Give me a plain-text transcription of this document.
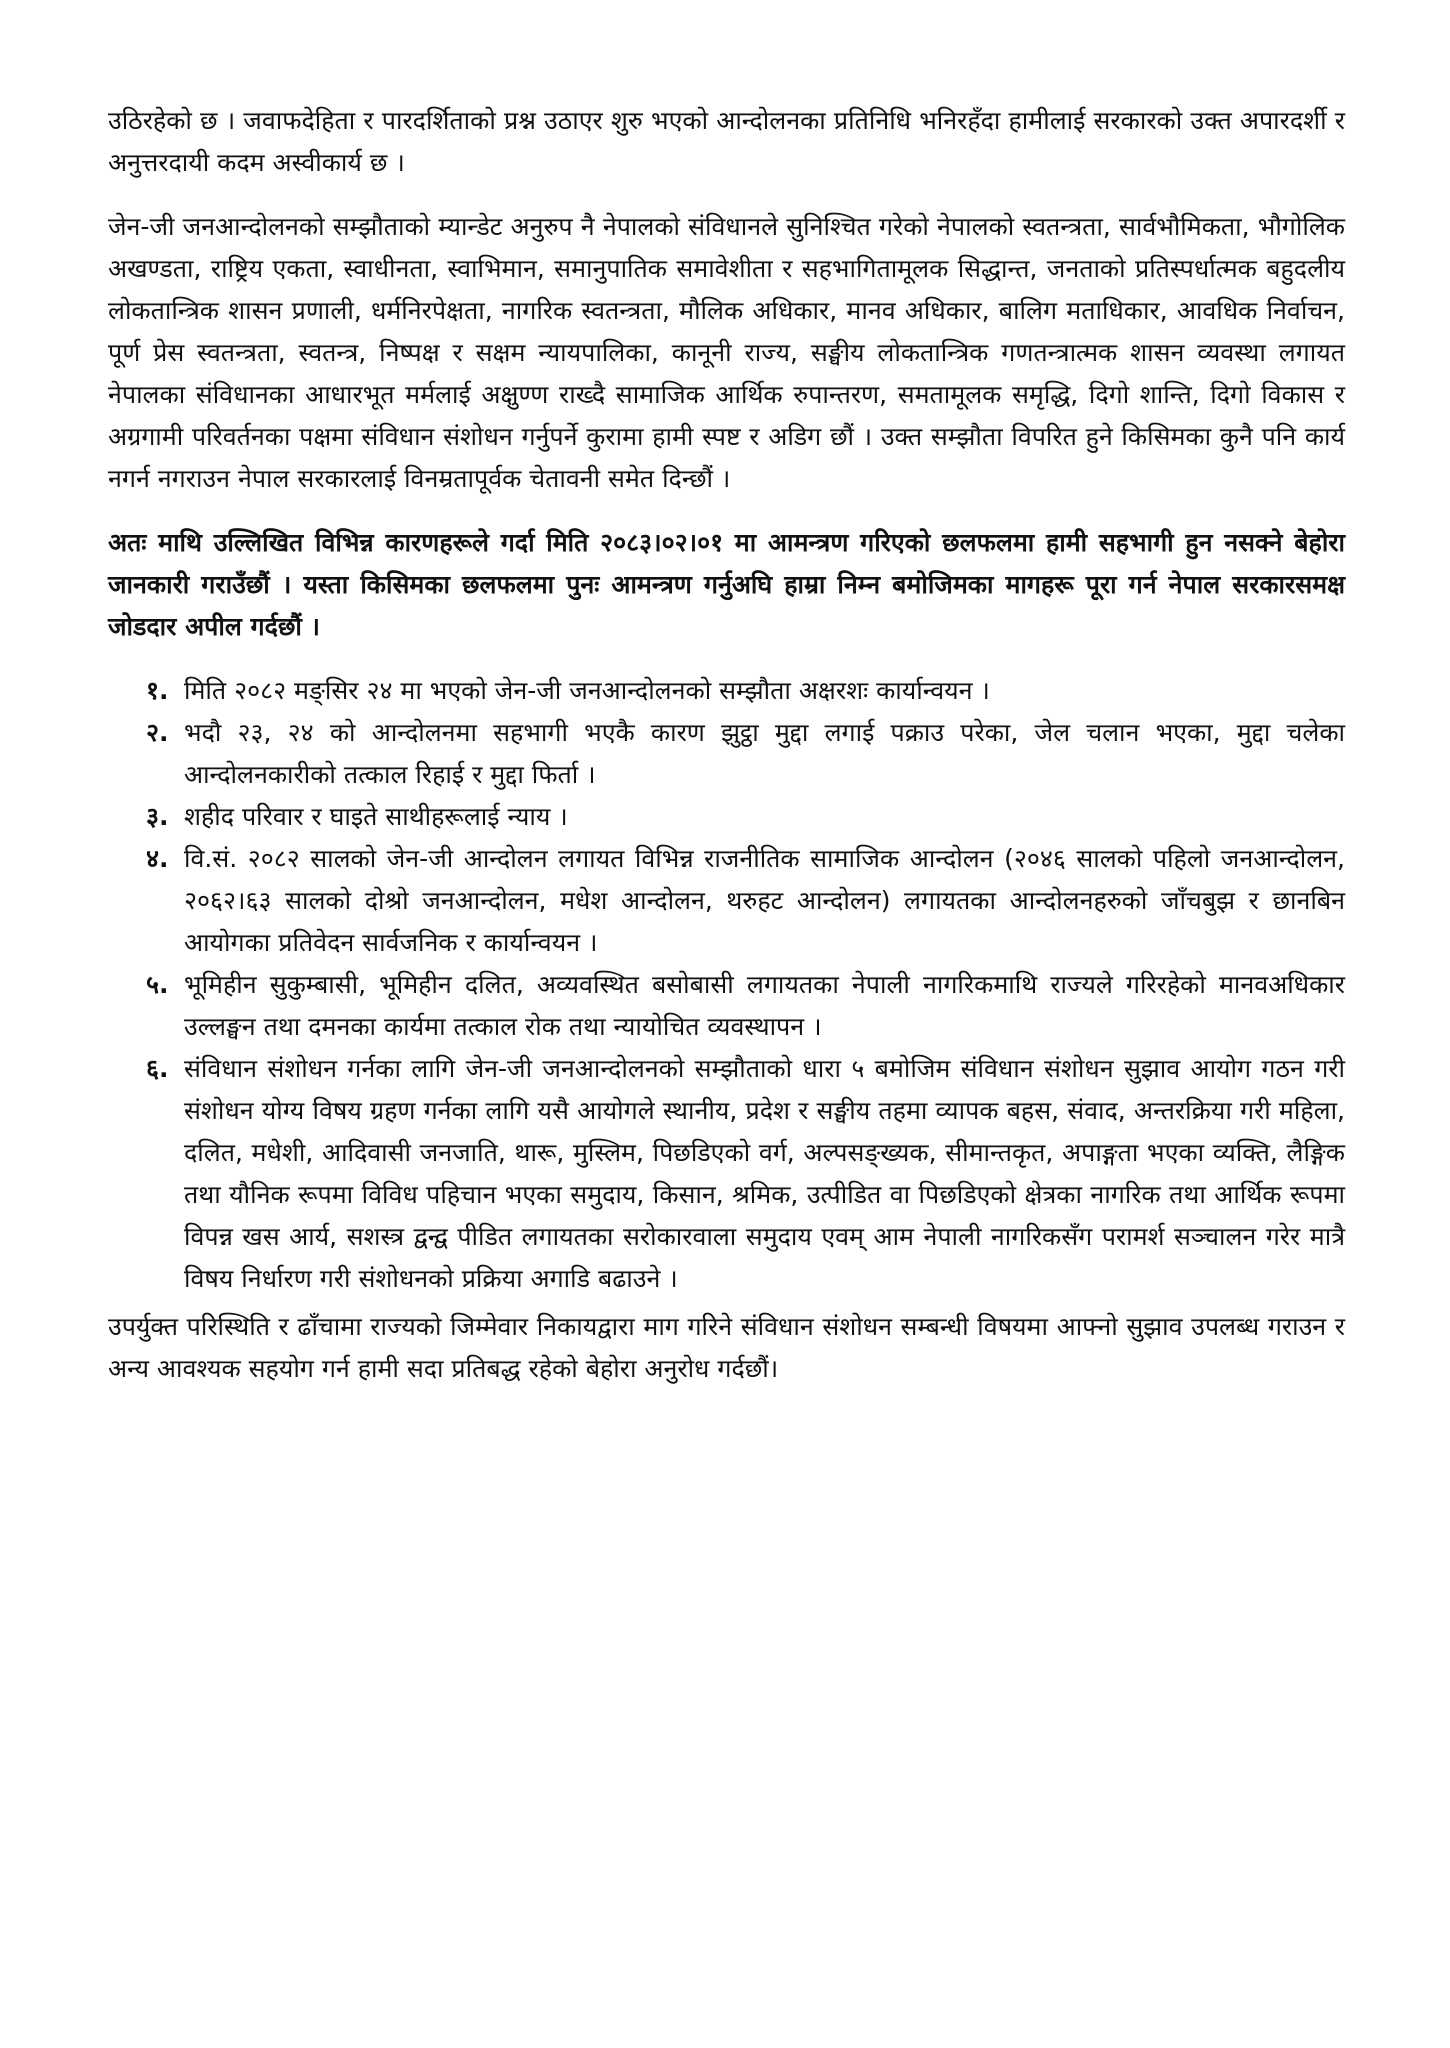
उठिरहेको छ । जवाफदेहिता र पारदर्शिताको प्रश्न उठाएर शुरु भएको आन्दोलनका प्रतिनिधि भनिरहँदा हामीलाई सरकारको उक्त अपारदर्शी र अनुत्तरदायी कदम अस्वीकार्य छ ।

जेन-जी जनआन्दोलनको सम्झौताको म्यान्डेट अनुरुप नै नेपालको संविधानले सुनिश्चित गरेको नेपालको स्वतन्त्रता, सार्वभौमिकता, भौगोलिक अखण्डता, राष्ट्रिय एकता, स्वाधीनता, स्वाभिमान, समानुपातिक समावेशीता र सहभागितामूलक सिद्धान्त, जनताको प्रतिस्पर्धात्मक बहुदलीय लोकतान्त्रिक शासन प्रणाली, धर्मनिरपेक्षता, नागरिक स्वतन्त्रता, मौलिक अधिकार, मानव अधिकार, बालिग मताधिकार, आवधिक निर्वाचन, पूर्ण प्रेस स्वतन्त्रता, स्वतन्त्र, निष्पक्ष र सक्षम न्यायपालिका, कानूनी राज्य, सङ्घीय लोकतान्त्रिक गणतन्त्रात्मक शासन व्यवस्था लगायत नेपालका संविधानका आधारभूत मर्मलाई अक्षुण्ण राख्दै सामाजिक आर्थिक रुपान्तरण, समतामूलक समृद्धि, दिगो शान्ति, दिगो विकास र अग्रगामी परिवर्तनका पक्षमा संविधान संशोधन गर्नुपर्ने कुरामा हामी स्पष्ट र अडिग छौं । उक्त सम्झौता विपरित हुने किसिमका कुनै पनि कार्य नगर्न नगराउन नेपाल सरकारलाई विनम्रतापूर्वक चेतावनी समेत दिन्छौं ।

अतः माथि उल्लिखित विभिन्न कारणहरूले गर्दा मिति २०८३।०२।०१ मा आमन्त्रण गरिएको छलफलमा हामी सहभागी हुन नसक्ने बेहोरा जानकारी गराउँछौं । यस्ता किसिमका छलफलमा पुनः आमन्त्रण गर्नुअघि हाम्रा निम्न बमोजिमका मागहरू पूरा गर्न नेपाल सरकारसमक्ष जोडदार अपील गर्दछौं ।

१. मिति २०८२ मङ्सिर २४ मा भएको जेन-जी जनआन्दोलनको सम्झौता अक्षरशः कार्यान्वयन ।
२. भदौ २३, २४ को आन्दोलनमा सहभागी भएकै कारण झुट्ठा मुद्दा लगाई पक्राउ परेका, जेल चलान भएका, मुद्दा चलेका आन्दोलनकारीको तत्काल रिहाई र मुद्दा फिर्ता ।
३. शहीद परिवार र घाइते साथीहरूलाई न्याय ।
४. वि.सं. २०८२ सालको जेन-जी आन्दोलन लगायत विभिन्न राजनीतिक सामाजिक आन्दोलन (२०४६ सालको पहिलो जनआन्दोलन, २०६२।६३ सालको दोश्रो जनआन्दोलन, मधेश आन्दोलन, थरुहट आन्दोलन) लगायतका आन्दोलनहरुको जाँचबुझ र छानबिन आयोगका प्रतिवेदन सार्वजनिक र कार्यान्वयन ।
५. भूमिहीन सुकुम्बासी, भूमिहीन दलित, अव्यवस्थित बसोबासी लगायतका नेपाली नागरिकमाथि राज्यले गरिरहेको मानवअधिकार उल्लङ्घन तथा दमनका कार्यमा तत्काल रोक तथा न्यायोचित व्यवस्थापन ।
६. संविधान संशोधन गर्नका लागि जेन-जी जनआन्दोलनको सम्झौताको धारा ५ बमोजिम संविधान संशोधन सुझाव आयोग गठन गरी संशोधन योग्य विषय ग्रहण गर्नका लागि यसै आयोगले स्थानीय, प्रदेश र सङ्घीय तहमा व्यापक बहस, संवाद, अन्तरक्रिया गरी महिला, दलित, मधेशी, आदिवासी जनजाति, थारू, मुस्लिम, पिछडिएको वर्ग, अल्पसङ्ख्यक, सीमान्तकृत, अपाङ्गता भएका व्यक्ति, लैङ्गिक तथा यौनिक रूपमा विविध पहिचान भएका समुदाय, किसान, श्रमिक, उत्पीडित वा पिछडिएको क्षेत्रका नागरिक तथा आर्थिक रूपमा विपन्न खस आर्य, सशस्त्र द्वन्द्व पीडित लगायतका सरोकारवाला समुदाय एवम् आम नेपाली नागरिकसँग परामर्श सञ्चालन गरेर मात्रै विषय निर्धारण गरी संशोधनको प्रक्रिया अगाडि बढाउने ।

उपर्युक्त परिस्थिति र ढाँचामा राज्यको जिम्मेवार निकायद्वारा माग गरिने संविधान संशोधन सम्बन्धी विषयमा आफ्नो सुझाव उपलब्ध गराउन र अन्य आवश्यक सहयोग गर्न हामी सदा प्रतिबद्ध रहेको बेहोरा अनुरोध गर्दछौं।
